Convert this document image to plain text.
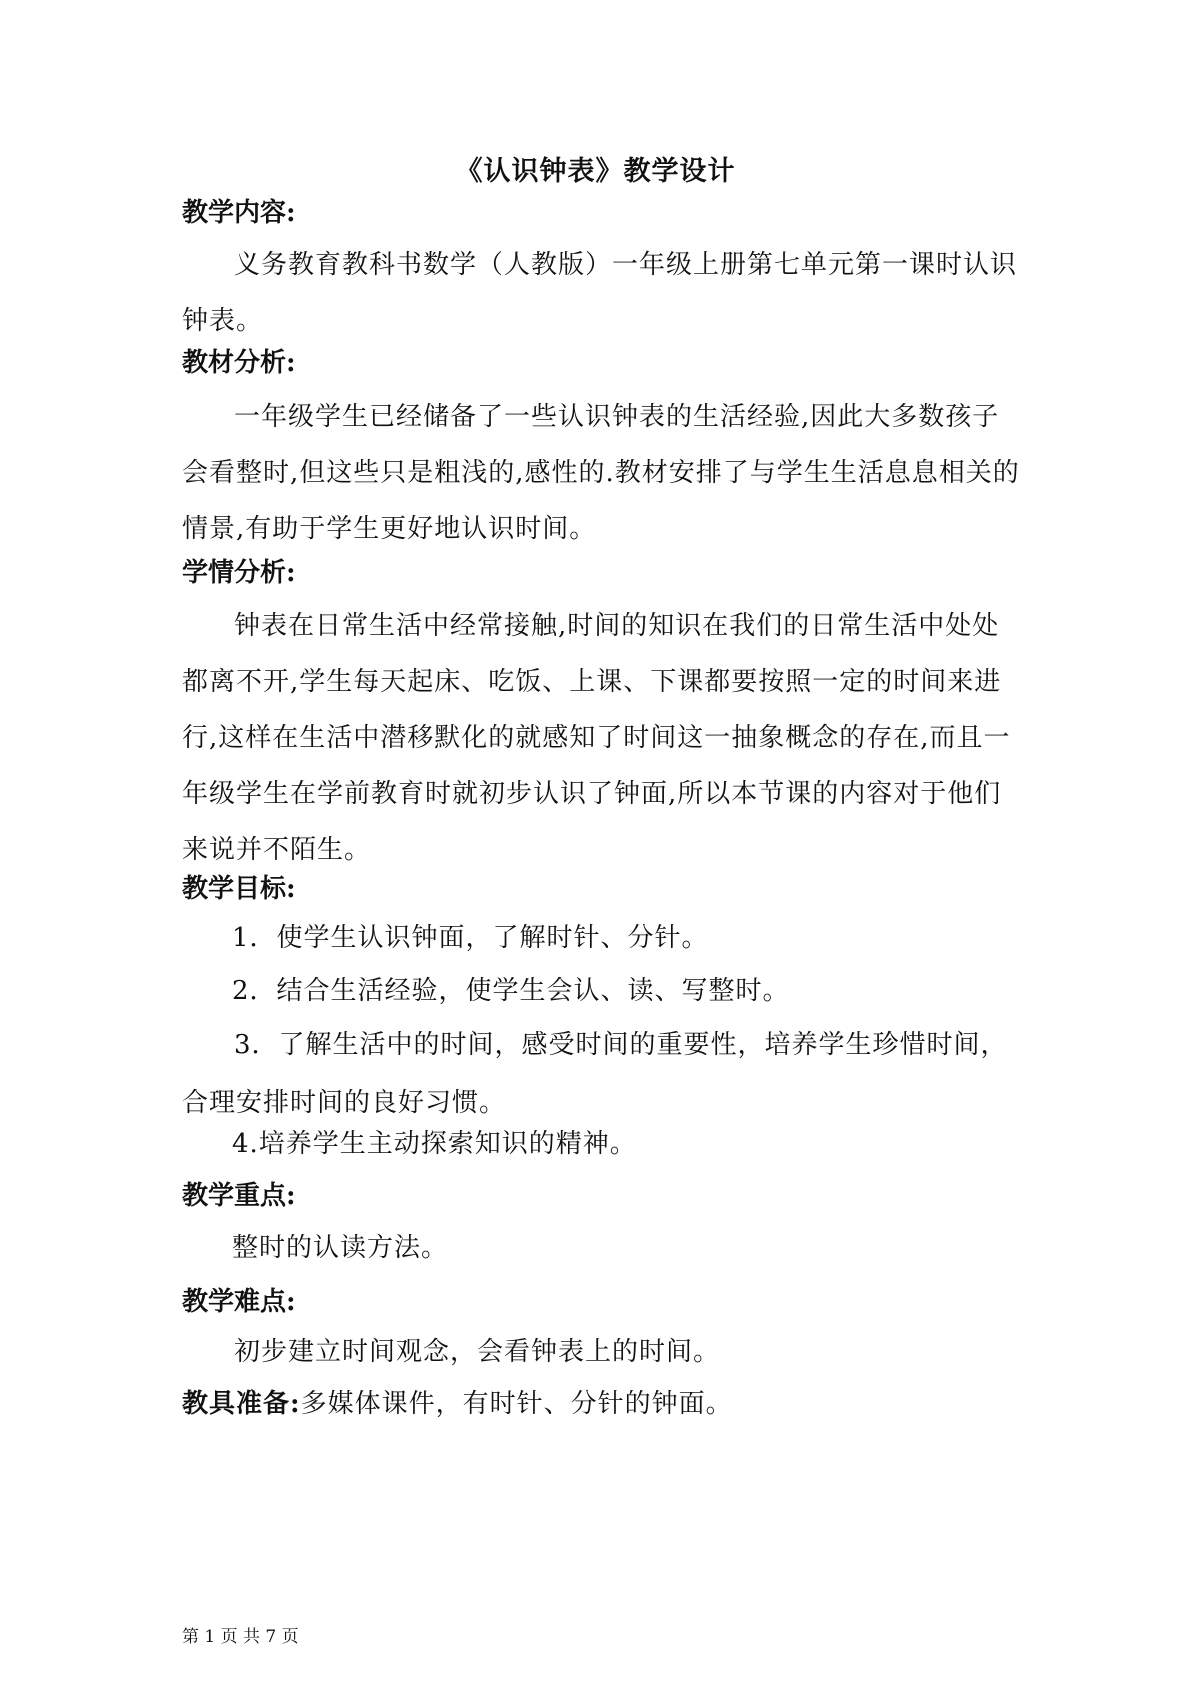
《认识钟表》教学设计
教学内容:

义务教育教科书数学（人教版）一年级上册第七单元第一课时认识钟表。

教材分析:

一年级学生已经储备了一些认识钟表的生活经验,因此大多数孩子会看整时,但这些只是粗浅的,感性的.教材安排了与学生生活息息相关的情景,有助于学生更好地认识时间。

学情分析:

钟表在日常生活中经常接触,时间的知识在我们的日常生活中处处都离不开,学生每天起床、吃饭、上课、下课都要按照一定的时间来进行,这样在生活中潜移默化的就感知了时间这一抽象概念的存在,而且一年级学生在学前教育时就初步认识了钟面,所以本节课的内容对于他们来说并不陌生。

教学目标:
1．使学生认识钟面，了解时针、分针。
2．结合生活经验，使学生会认、读、写整时。

3．了解生活中的时间，感受时间的重要性，培养学生珍惜时间，合理安排时间的良好习惯。

4.培养学生主动探索知识的精神。
教学重点:
整时的认读方法。
教学难点:
初步建立时间观念，会看钟表上的时间。
教具准备:多媒体课件，有时针、分针的钟面。
第 1 页 共 7 页
